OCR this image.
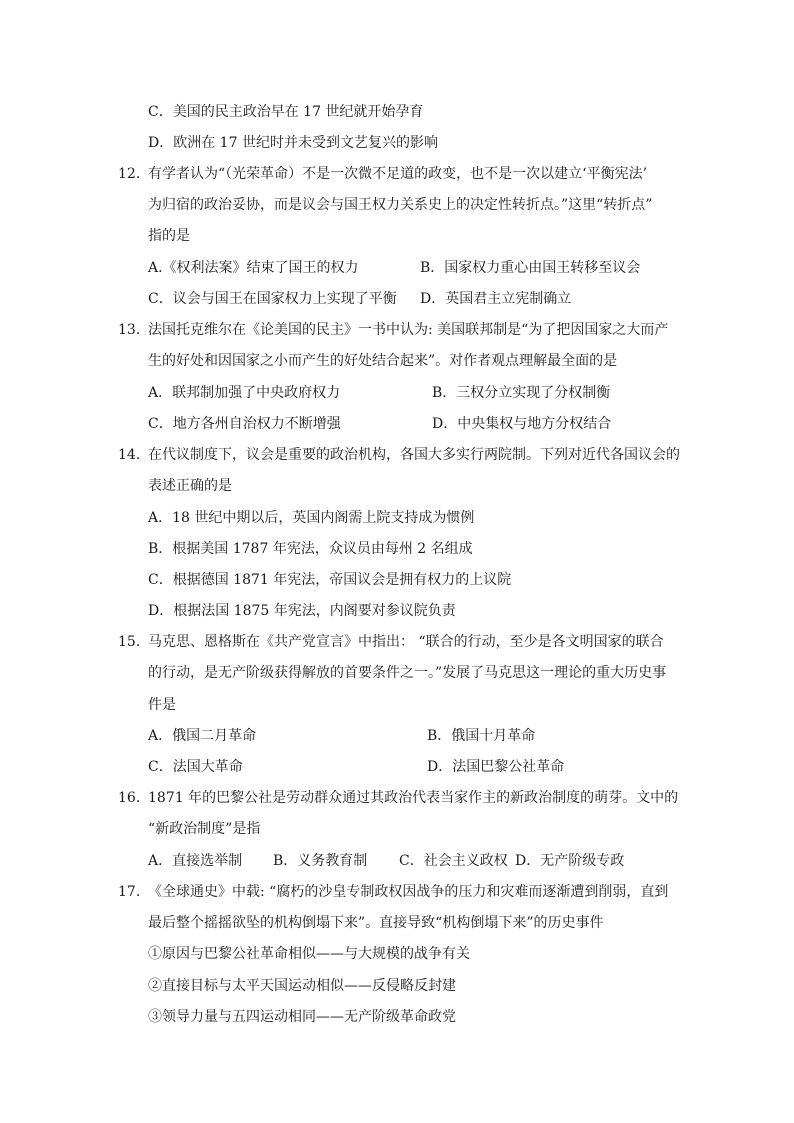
C．美国的民主政治早在 17 世纪就开始孕育
D．欧洲在 17 世纪时并未受到文艺复兴的影响
12. 有学者认为“（光荣革命）不是一次微不足道的政变，也不是一次以建立‘平衡宪法’
为归宿的政治妥协，而是议会与国王权力关系史上的决定性转折点。”这里“转折点”
指的是
A.《权利法案》结束了国王的权力	B．国家权力重心由国王转移至议会
C．议会与国王在国家权力上实现了平衡 D．英国君主立宪制确立
13. 法国托克维尔在《论美国的民主》一书中认为: 美国联邦制是“为了把因国家之大而产
生的好处和因国家之小而产生的好处结合起来”。对作者观点理解最全面的是
A．联邦制加强了中央政府权力	B．三权分立实现了分权制衡
C．地方各州自治权力不断增强	D．中央集权与地方分权结合
14. 在代议制度下，议会是重要的政治机构，各国大多实行两院制。下列对近代各国议会的
表述正确的是
A．18 世纪中期以后，英国内阁需上院支持成为惯例
B．根据美国 1787 年宪法，众议员由每州 2 名组成
C．根据德国 1871 年宪法，帝国议会是拥有权力的上议院
D．根据法国 1875 年宪法，内阁要对参议院负责
15. 马克思、恩格斯在《共产党宣言》中指出： “联合的行动，至少是各文明国家的联合
的行动，是无产阶级获得解放的首要条件之一。”发展了马克思这一理论的重大历史事
件是
A．俄国二月革命	B．俄国十月革命
C．法国大革命	D．法国巴黎公社革命
16. 1871 年的巴黎公社是劳动群众通过其政治代表当家作主的新政治制度的萌芽。文中的
“新政治制度”是指
A．直接选举制 B．义务教育制 C．社会主义政权 D．无产阶级专政
17. 《全球通史》中载: “腐朽的沙皇专制政权因战争的压力和灾难而逐渐遭到削弱，直到
最后整个摇摇欲坠的机构倒塌下来”。直接导致“机构倒塌下来”的历史事件
①原因与巴黎公社革命相似——与大规模的战争有关
②直接目标与太平天国运动相似——反侵略反封建
③领导力量与五四运动相同——无产阶级革命政党
